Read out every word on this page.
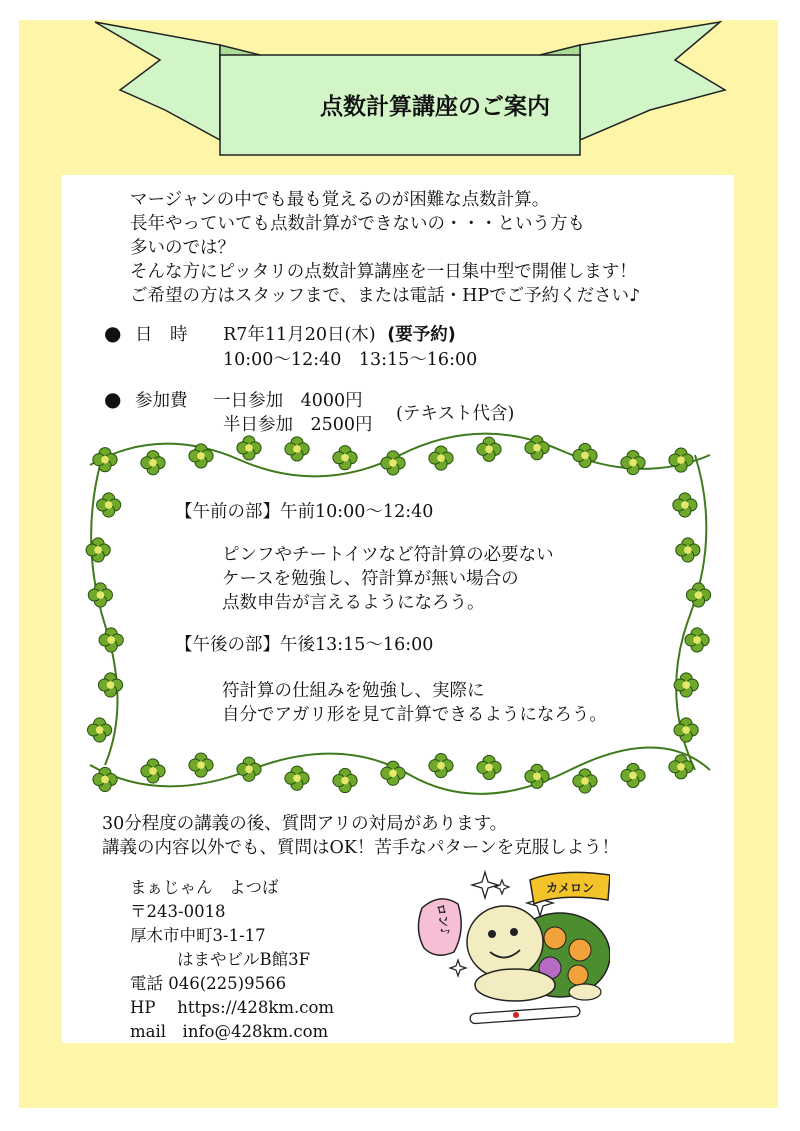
点数計算講座のご案内
マージャンの中でも最も覚えるのが困難な点数計算。
長年やっていても点数計算ができないの・・・という方も
多いのでは？
そんな方にピッタリの点数計算講座を一日集中型で開催します！
ご希望の方はスタッフまで、または電話・HPでご予約ください♪
● 日　時 R7年11月20日(木) (要予約)
10:00〜12:40　13:15〜16:00
● 参加費 一日参加　4000円
半日参加　2500円
(テキスト代含)
【午前の部】午前10:00〜12:40
ピンフやチートイツなど符計算の必要ない
ケースを勉強し、符計算が無い場合の
点数申告が言えるようになろう。
【午後の部】午後13:15〜16:00
符計算の仕組みを勉強し、実際に
自分でアガリ形を見て計算できるようになろう。
30分程度の講義の後、質問アリの対局があります。
講義の内容以外でも、質問はOK！苦手なパターンを克服しよう！
まぁじゃん　よつば
〒243-0018
厚木市中町3-1-17
はまやビルB館3F
電話 046(225)9566
HP　 https://428km.com
mail　info@428km.com
ロン♪
カメロン
